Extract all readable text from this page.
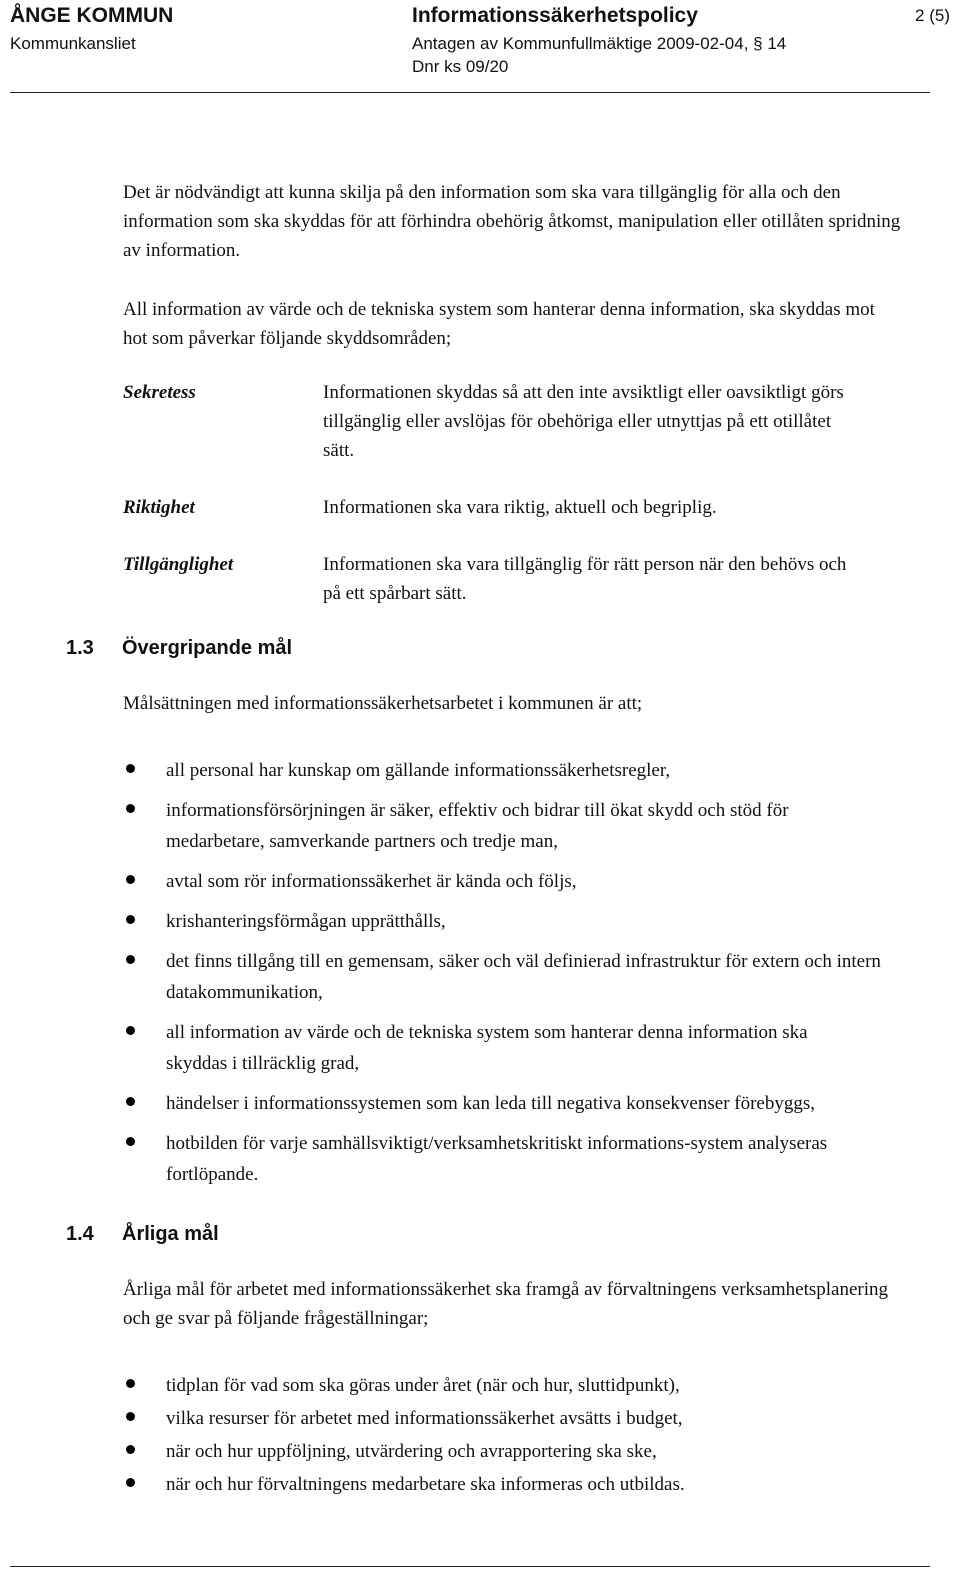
ÅNGE KOMMUN
Kommunkansliet
Informationssäkerhetspolicy
Antagen av Kommunfullmäktige 2009-02-04, § 14
Dnr ks 09/20
2 (5)

Det är nödvändigt att kunna skilja på den information som ska vara tillgänglig för alla och den information som ska skyddas för att förhindra obehörig åtkomst, manipulation eller otillåten spridning av information.

All information av värde och de tekniska system som hanterar denna information, ska skyddas mot hot som påverkar följande skyddsområden;

Sekretess	Informationen skyddas så att den inte avsiktligt eller oavsiktligt görs tillgänglig eller avslöjas för obehöriga eller utnyttjas på ett otillåtet sätt.
Riktighet	Informationen ska vara riktig, aktuell och begriplig.
Tillgänglighet	Informationen ska vara tillgänglig för rätt person när den behövs och på ett spårbart sätt.
1.3 Övergripande mål

Målsättningen med informationssäkerhetsarbetet i kommunen är att;

all personal har kunskap om gällande informationssäkerhetsregler,
informationsförsörjningen är säker, effektiv och bidrar till ökat skydd och stöd för medarbetare, samverkande partners och tredje man,
avtal som rör informationssäkerhet är kända och följs,
krishanteringsförmågan upprätthålls,
det finns tillgång till en gemensam, säker och väl definierad infrastruktur för extern och intern datakommunikation,
all information av värde och de tekniska system som hanterar denna information ska skyddas i tillräcklig grad,
händelser i informationssystemen som kan leda till negativa konsekvenser förebyggs,
hotbilden för varje samhällsviktigt/verksamhetskritiskt informations-system analyseras fortlöpande.
1.4 Årliga mål

Årliga mål för arbetet med informationssäkerhet ska framgå av förvaltningens verksamhetsplanering och ge svar på följande frågeställningar;

tidplan för vad som ska göras under året (när och hur, sluttidpunkt),
vilka resurser för arbetet med informationssäkerhet avsätts i budget,
när och hur uppföljning, utvärdering och avrapportering ska ske,
när och hur förvaltningens medarbetare ska informeras och utbildas.
